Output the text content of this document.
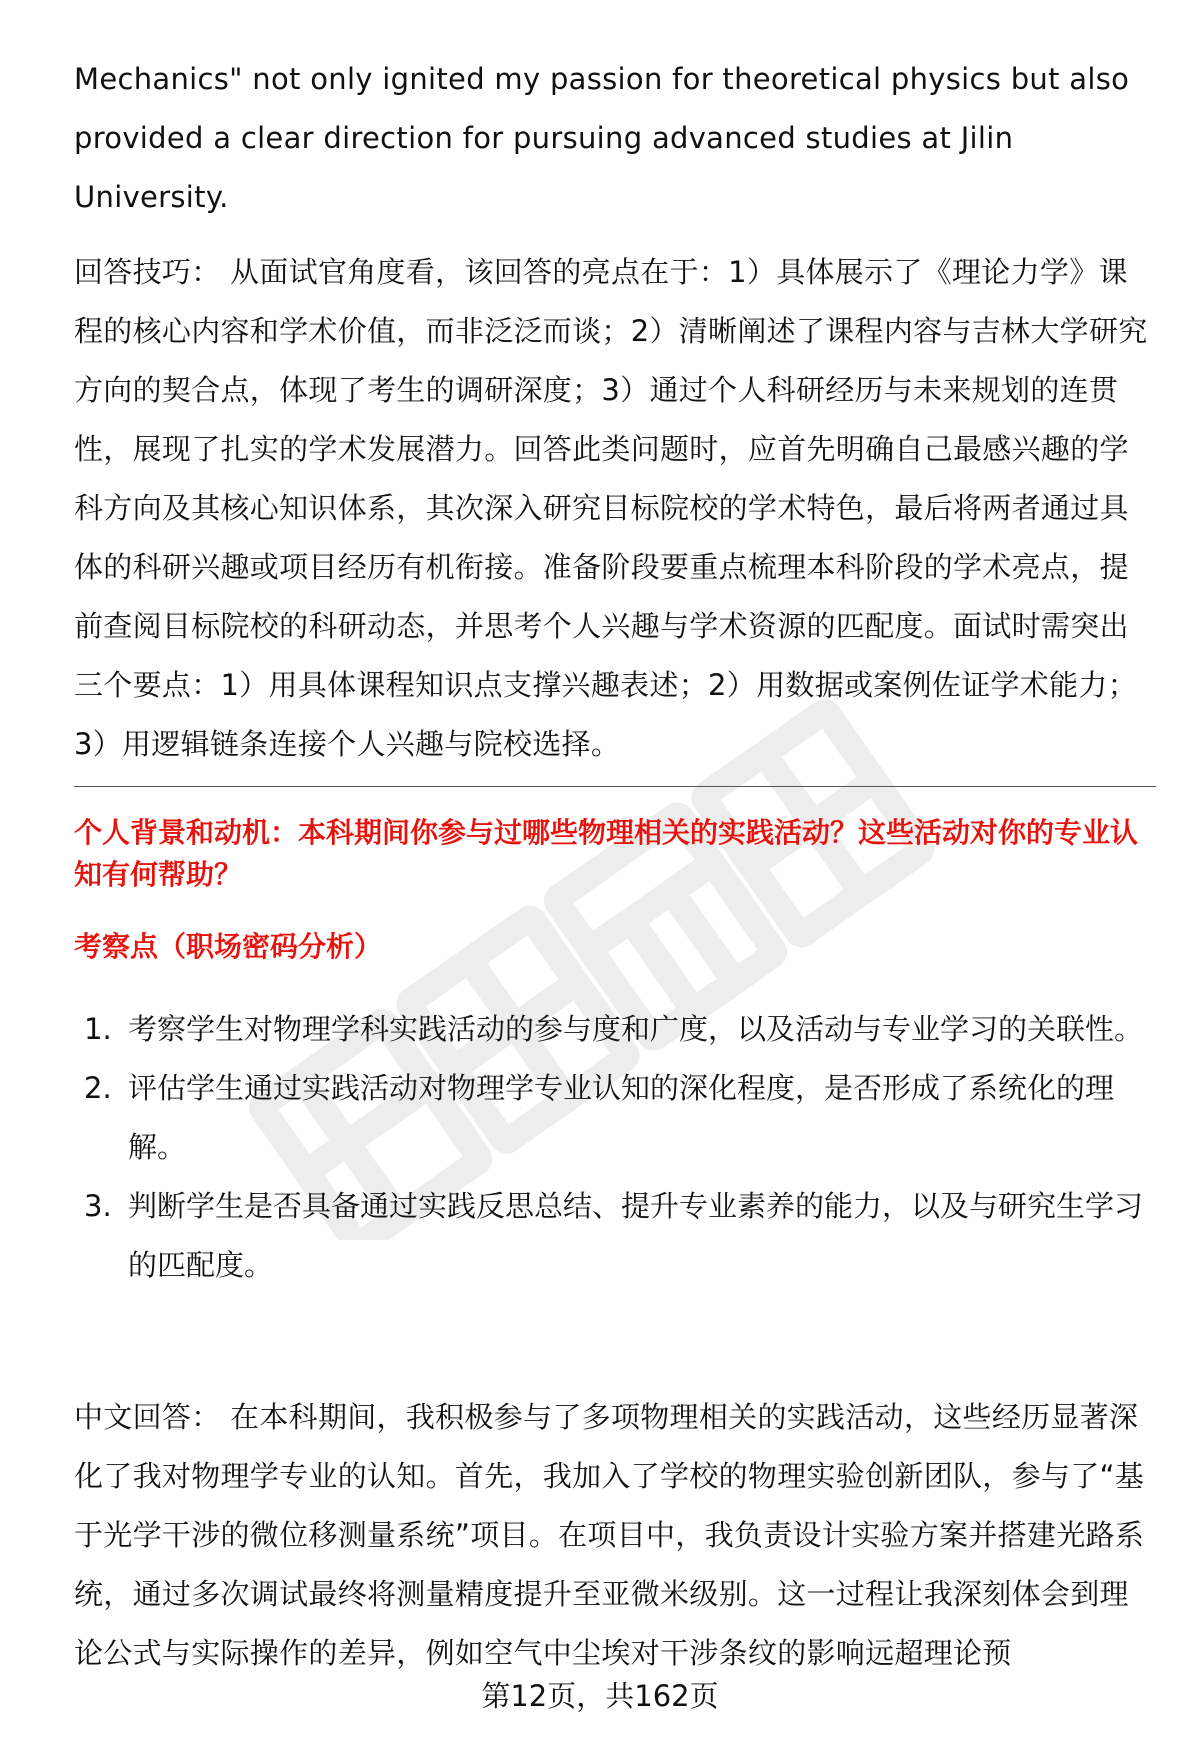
Mechanics" not only ignited my passion for theoretical physics but also provided a clear direction for pursuing advanced studies at Jilin University.

回答技巧： 从面试官角度看，该回答的亮点在于：1）具体展示了《理论力学》课程的核心内容和学术价值，而非泛泛而谈；2）清晰阐述了课程内容与吉林大学研究方向的契合点，体现了考生的调研深度；3）通过个人科研经历与未来规划的连贯性，展现了扎实的学术发展潜力。回答此类问题时，应首先明确自己最感兴趣的学科方向及其核心知识体系，其次深入研究目标院校的学术特色，最后将两者通过具体的科研兴趣或项目经历有机衔接。准备阶段要重点梳理本科阶段的学术亮点，提前查阅目标院校的科研动态，并思考个人兴趣与学术资源的匹配度。面试时需突出三个要点：1）用具体课程知识点支撑兴趣表述；2）用数据或案例佐证学术能力；3）用逻辑链条连接个人兴趣与院校选择。

个人背景和动机：本科期间你参与过哪些物理相关的实践活动？这些活动对你的专业认知有何帮助？

考察点（职场密码分析）

1. 考察学生对物理学科实践活动的参与度和广度，以及活动与专业学习的关联性。
2. 评估学生通过实践活动对物理学专业认知的深化程度，是否形成了系统化的理解。
3. 判断学生是否具备通过实践反思总结、提升专业素养的能力，以及与研究生学习的匹配度。

中文回答： 在本科期间，我积极参与了多项物理相关的实践活动，这些经历显著深化了我对物理学专业的认知。首先，我加入了学校的物理实验创新团队，参与了“基于光学干涉的微位移测量系统”项目。在项目中，我负责设计实验方案并搭建光路系统，通过多次调试最终将测量精度提升至亚微米级别。这一过程让我深刻体会到理论公式与实际操作的差异，例如空气中尘埃对干涉条纹的影响远超理论预

第12页，共162页
